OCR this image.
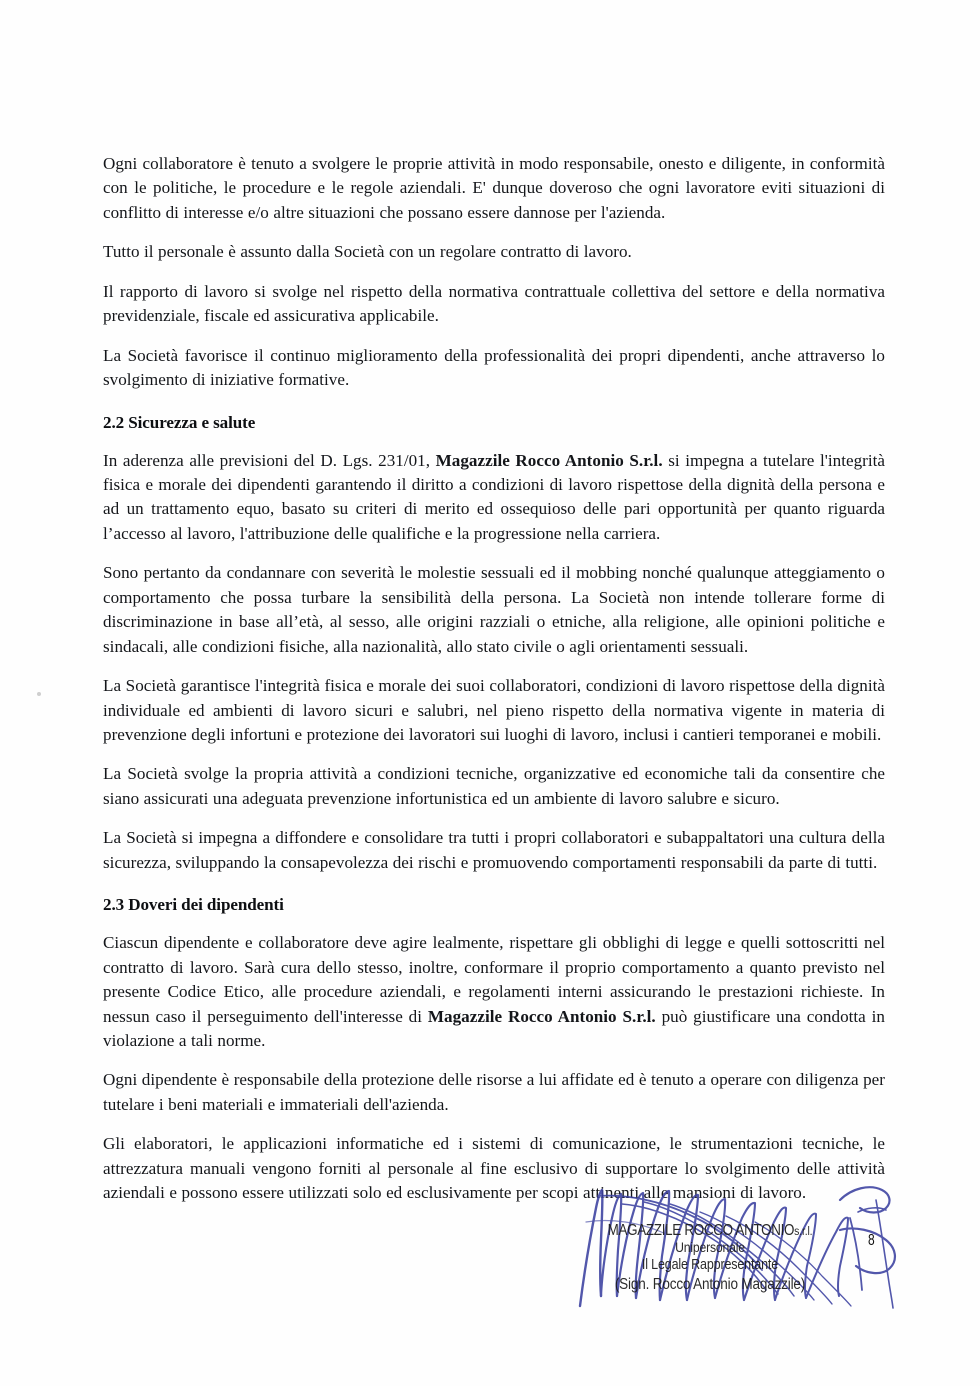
Ogni collaboratore è tenuto a svolgere le proprie attività in modo responsabile, onesto e diligente, in conformità con le politiche, le procedure e le regole aziendali. E' dunque doveroso che ogni lavoratore eviti situazioni di conflitto di interesse e/o altre situazioni che possano essere dannose per l'azienda.

Tutto il personale è assunto dalla Società con un regolare contratto di lavoro.

Il rapporto di lavoro si svolge nel rispetto della normativa contrattuale collettiva del settore e della normativa previdenziale, fiscale ed assicurativa applicabile.

La Società favorisce il continuo miglioramento della professionalità dei propri dipendenti, anche attraverso lo svolgimento di iniziative formative.

2.2 Sicurezza e salute

In aderenza alle previsioni del D. Lgs. 231/01, Magazzile Rocco Antonio S.r.l. si impegna a tutelare l'integrità fisica e morale dei dipendenti garantendo il diritto a condizioni di lavoro rispettose della dignità della persona e ad un trattamento equo, basato su criteri di merito ed ossequioso delle pari opportunità per quanto riguarda l’accesso al lavoro, l'attribuzione delle qualifiche e la progressione nella carriera.

Sono pertanto da condannare con severità le molestie sessuali ed il mobbing nonché qualunque atteggiamento o comportamento che possa turbare la sensibilità della persona. La Società non intende tollerare forme di discriminazione in base all’età, al sesso, alle origini razziali o etniche, alla religione, alle opinioni politiche e sindacali, alle condizioni fisiche, alla nazionalità, allo stato civile o agli orientamenti sessuali.

La Società garantisce l'integrità fisica e morale dei suoi collaboratori, condizioni di lavoro rispettose della dignità individuale ed ambienti di lavoro sicuri e salubri, nel pieno rispetto della normativa vigente in materia di prevenzione degli infortuni e protezione dei lavoratori sui luoghi di lavoro, inclusi i cantieri temporanei e mobili.

La Società svolge la propria attività a condizioni tecniche, organizzative ed economiche tali da consentire che siano assicurati una adeguata prevenzione infortunistica ed un ambiente di lavoro salubre e sicuro.

La Società si impegna a diffondere e consolidare tra tutti i propri collaboratori e subappaltatori una cultura della sicurezza, sviluppando la consapevolezza dei rischi e promuovendo comportamenti responsabili da parte di tutti.

2.3 Doveri dei dipendenti

Ciascun dipendente e collaboratore deve agire lealmente, rispettare gli obblighi di legge e quelli sottoscritti nel contratto di lavoro. Sarà cura dello stesso, inoltre, conformare il proprio comportamento a quanto previsto nel presente Codice Etico, alle procedure aziendali, e regolamenti interni assicurando le prestazioni richieste. In nessun caso il perseguimento dell'interesse di Magazzile Rocco Antonio S.r.l. può giustificare una condotta in violazione a tali norme.

Ogni dipendente è responsabile della protezione delle risorse a lui affidate ed è tenuto a operare con diligenza per tutelare i beni materiali e immateriali dell'azienda.

Gli elaboratori, le applicazioni informatiche ed i sistemi di comunicazione, le strumentazioni tecniche, le attrezzatura manuali vengono forniti al personale al fine esclusivo di supportare lo svolgimento delle attività aziendali e possono essere utilizzati solo ed esclusivamente per scopi attinenti alle mansioni di lavoro.

MAGAZZILE ROCCO ANTONIOs.r.l.
Unipersonale
Il Legale Rappresentante
(Sign. Rocco Antonio Magazzile)
8
